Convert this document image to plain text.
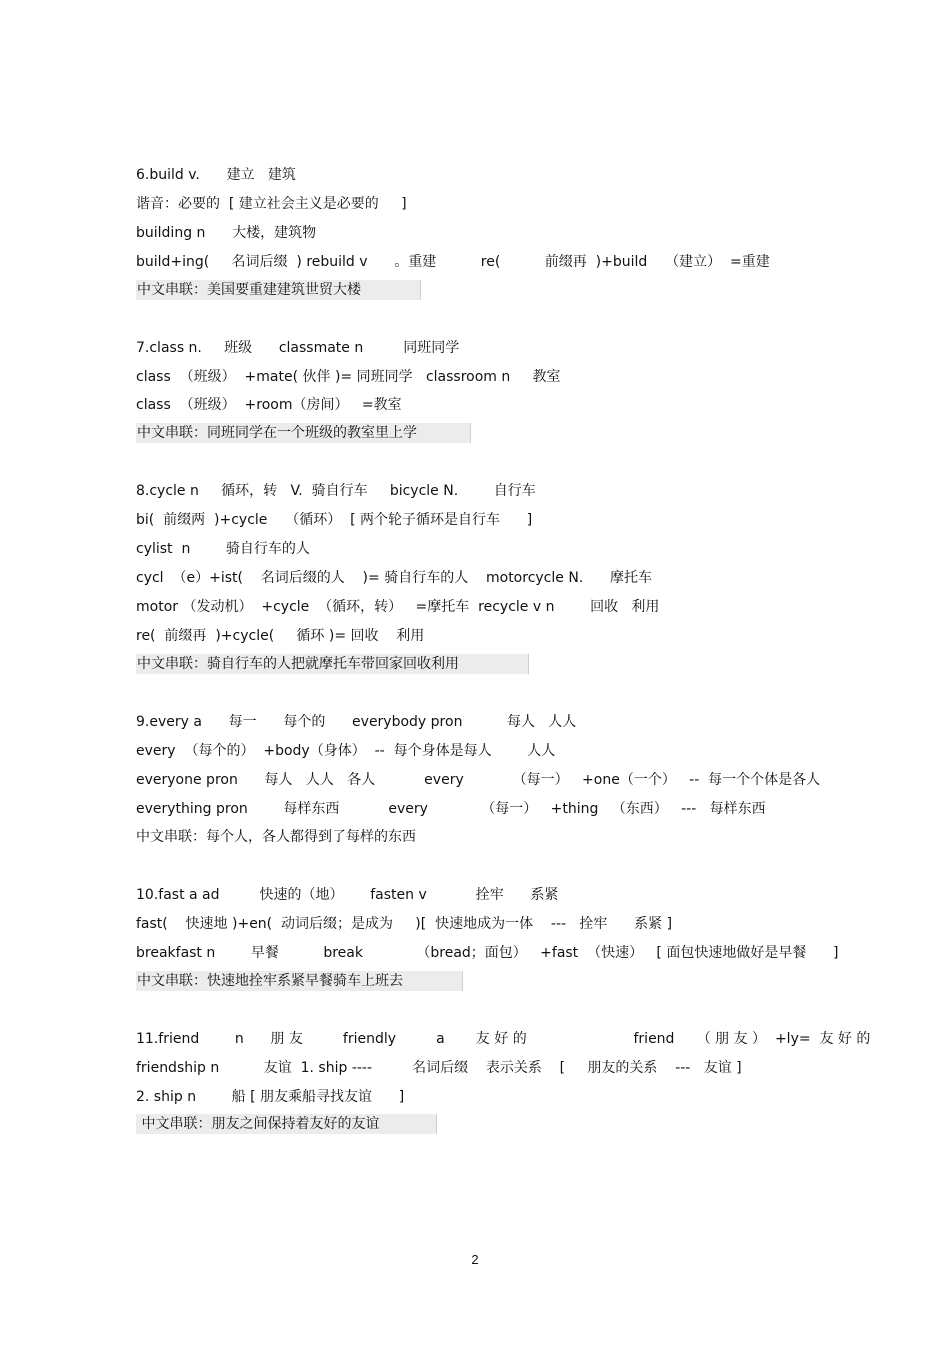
6.build v.      建立   建筑
谐音：必要的  [ 建立社会主义是必要的     ]
building n      大楼，建筑物
build+ing(     名词后缀  ) rebuild v      。重建          re(          前缀再  )+build    （建立）  =重建
中文串联：美国要重建建筑世贸大楼
7.class n.     班级      classmate n         同班同学
class  （班级）  +mate( 伙伴 )= 同班同学   classroom n     教室
class  （班级）  +room（房间）   =教室
中文串联：同班同学在一个班级的教室里上学
8.cycle n     循环，转   V.  骑自行车     bicycle N.        自行车
bi(  前缀两  )+cycle    （循环）  [ 两个轮子循环是自行车      ]
cylist  n        骑自行车的人
cycl  （e）+ist(    名词后缀的人    )= 骑自行车的人    motorcycle N.      摩托车
motor （发动机）  +cycle  （循环，转）   =摩托车  recycle v n        回收   利用
re(  前缀再  )+cycle(     循环 )= 回收    利用
中文串联：骑自行车的人把就摩托车带回家回收利用
9.every a      每一      每个的      everybody pron          每人   人人
every  （每个的）  +body（身体）  --  每个身体是每人        人人
everyone pron      每人   人人   各人           every           （每一）   +one（一个）   --  每一个个体是各人
everything pron        每样东西           every            （每一）   +thing   （东西）   ---   每样东西
中文串联：每个人，各人都得到了每样的东西
10.fast a ad         快速的（地）      fasten v           拴牢      系紧
fast(    快速地 )+en(  动词后缀；是成为     )[  快速地成为一体    ---   拴牢      系紧 ]
breakfast n        早餐          break            （bread；面包）   +fast  （快速）   [ 面包快速地做好是早餐      ]
中文串联：快速地拴牢系紧早餐骑车上班去
11.friend        n      朋 友         friendly         a       友 好 的                        friend     （ 朋 友 ）  +ly=  友 好 的
friendship n          友谊  1. ship ----         名词后缀    表示关系    [     朋友的关系    ---   友谊 ]
2. ship n        船 [ 朋友乘船寻找友谊      ]
中文串联：朋友之间保持着友好的友谊
2
